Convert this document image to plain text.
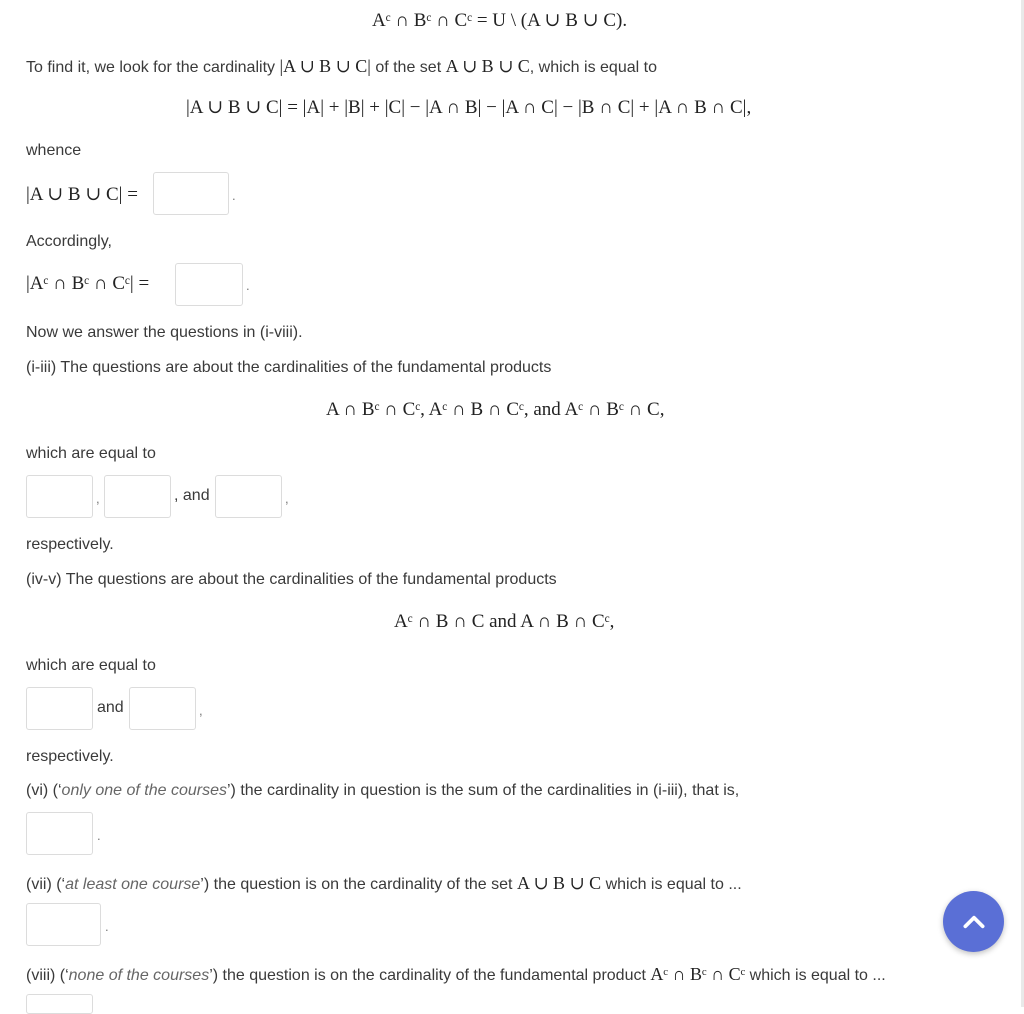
Aᶜ ∩ Bᶜ ∩ Cᶜ = U \ (A ∪ B ∪ C).
To find it, we look for the cardinality |A ∪ B ∪ C| of the set A ∪ B ∪ C, which is equal to
|A ∪ B ∪ C| = |A| + |B| + |C| − |A ∩ B| − |A ∩ C| − |B ∩ C| + |A ∩ B ∩ C|,
whence
|A ∪ B ∪ C| =	.
Accordingly,
|Aᶜ ∩ Bᶜ ∩ Cᶜ| =	.
Now we answer the questions in (i-viii).
(i-iii) The questions are about the cardinalities of the fundamental products
A ∩ Bᶜ ∩ Cᶜ, Aᶜ ∩ B ∩ Cᶜ, and Aᶜ ∩ Bᶜ ∩ C,
which are equal to
,	, and	,
respectively.
(iv-v) The questions are about the cardinalities of the fundamental products
Aᶜ ∩ B ∩ C and A ∩ B ∩ Cᶜ,
which are equal to
and	,
respectively.
(vi) (‘only one of the courses’) the cardinality in question is the sum of the cardinalities in (i-iii), that is,
.
(vii) (‘at least one course’) the question is on the cardinality of the set A ∪ B ∪ C which is equal to ...
.
(viii) (‘none of the courses’) the question is on the cardinality of the fundamental product Aᶜ ∩ Bᶜ ∩ Cᶜ which is equal to ...
